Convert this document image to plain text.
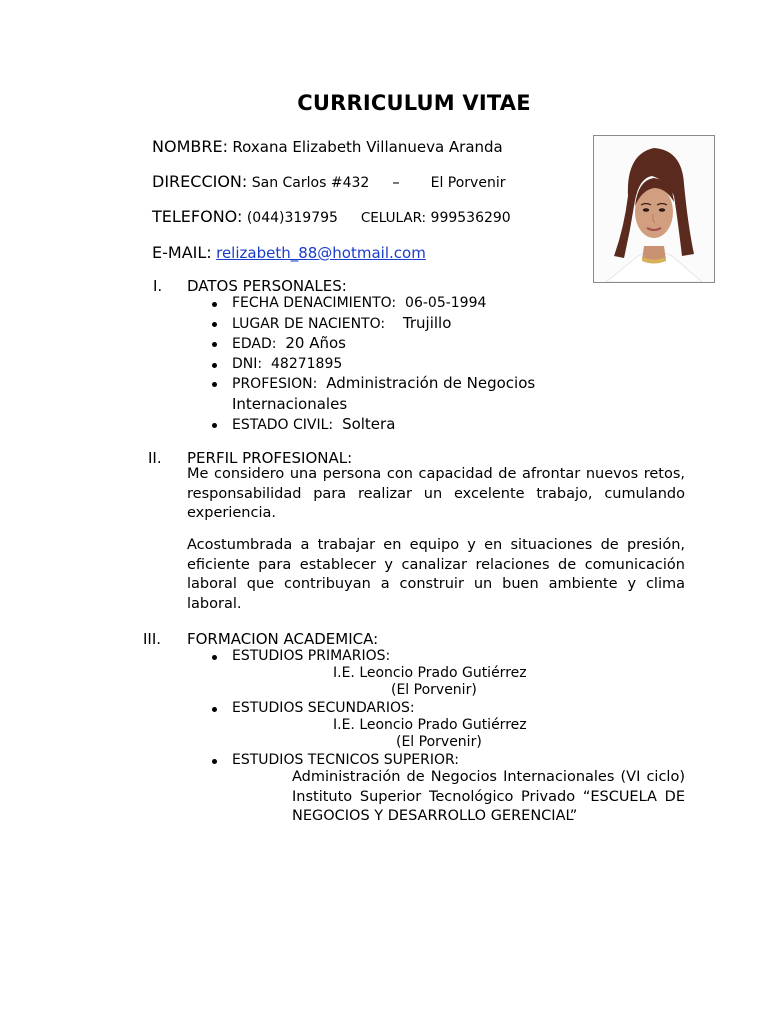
CURRICULUM VITAE
NOMBRE: Roxana Elizabeth Villanueva Aranda
DIRECCION: San Carlos #432 – El Porvenir
TELEFONO: (044)319795 CELULAR: 999536290
E-MAIL: relizabeth_88@hotmail.com
I. DATOS PERSONALES:
FECHA DENACIMIENTO: 06-05-1994
LUGAR DE NACIENTO: Trujillo
EDAD: 20 Años
DNI: 48271895
PROFESION: Administración de Negocios
Internacionales
ESTADO CIVIL: Soltera
II. PERFIL PROFESIONAL:
Me considero una persona con capacidad de afrontar nuevos retos, responsabilidad para realizar un excelente trabajo, cumulando experiencia.
Acostumbrada a trabajar en equipo y en situaciones de presión, eficiente para establecer y canalizar relaciones de comunicación laboral que contribuyan a construir un buen ambiente y clima laboral.
III. FORMACION ACADEMICA:
ESTUDIOS PRIMARIOS:
I.E. Leoncio Prado Gutiérrez
(El Porvenir)
ESTUDIOS SECUNDARIOS:
I.E. Leoncio Prado Gutiérrez
(El Porvenir)
ESTUDIOS TECNICOS SUPERIOR:
Administración de Negocios Internacionales (VI ciclo) Instituto Superior Tecnológico Privado “ESCUELA DE NEGOCIOS Y DESARROLLO GERENCIAL”
